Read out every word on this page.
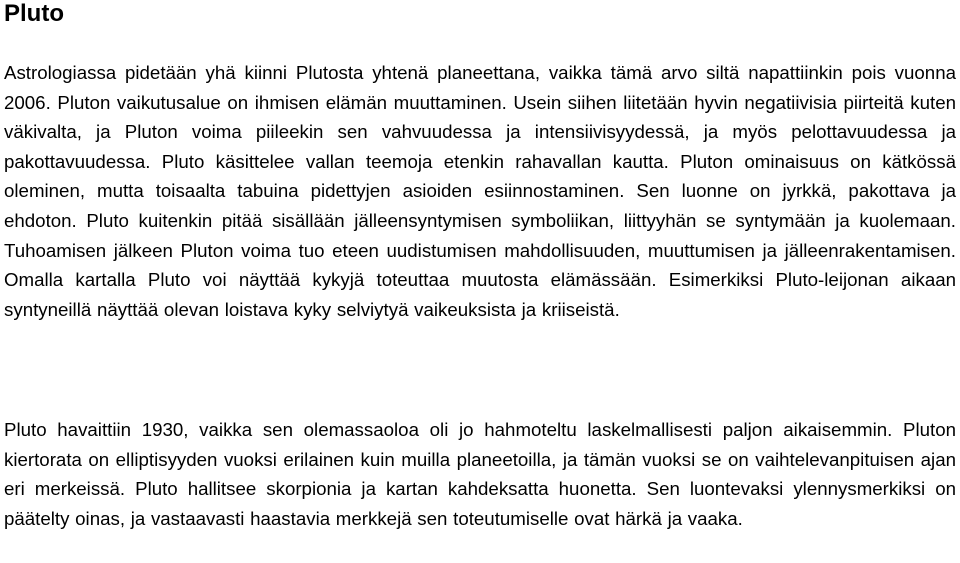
Pluto

Astrologiassa pidetään yhä kiinni Plutosta yhtenä planeettana, vaikka tämä arvo siltä napattiinkin pois vuonna 2006. Pluton vaikutusalue on ihmisen elämän muuttaminen. Usein siihen liitetään hyvin negatiivisia piirteitä kuten väkivalta, ja Pluton voima piileekin sen vahvuudessa ja intensiivisyydessä, ja myös pelottavuudessa ja pakottavuudessa. Pluto käsittelee vallan teemoja etenkin rahavallan kautta. Pluton ominaisuus on kätkössä oleminen, mutta toisaalta tabuina pidettyjen asioiden esiinnostaminen. Sen luonne on jyrkkä, pakottava ja ehdoton. Pluto kuitenkin pitää sisällään jälleensyntymisen symboliikan, liittyyhän se syntymään ja kuolemaan. Tuhoamisen jälkeen Pluton voima tuo eteen uudistumisen mahdollisuuden, muuttumisen ja jälleenrakentamisen. Omalla kartalla Pluto voi näyttää kykyjä toteuttaa muutosta elämässään. Esimerkiksi Pluto-leijonan aikaan syntyneillä näyttää olevan loistava kyky selviytyä vaikeuksista ja kriiseistä.

Pluto havaittiin 1930, vaikka sen olemassaoloa oli jo hahmoteltu laskelmallisesti paljon aikaisemmin. Pluton kiertorata on elliptisyyden vuoksi erilainen kuin muilla planeetoilla, ja tämän vuoksi se on vaihtelevanpituisen ajan eri merkeissä. Pluto hallitsee skorpionia ja kartan kahdeksatta huonetta. Sen luontevaksi ylennysmerkiksi on päätelty oinas, ja vastaavasti haastavia merkkejä sen toteutumiselle ovat härkä ja vaaka.
